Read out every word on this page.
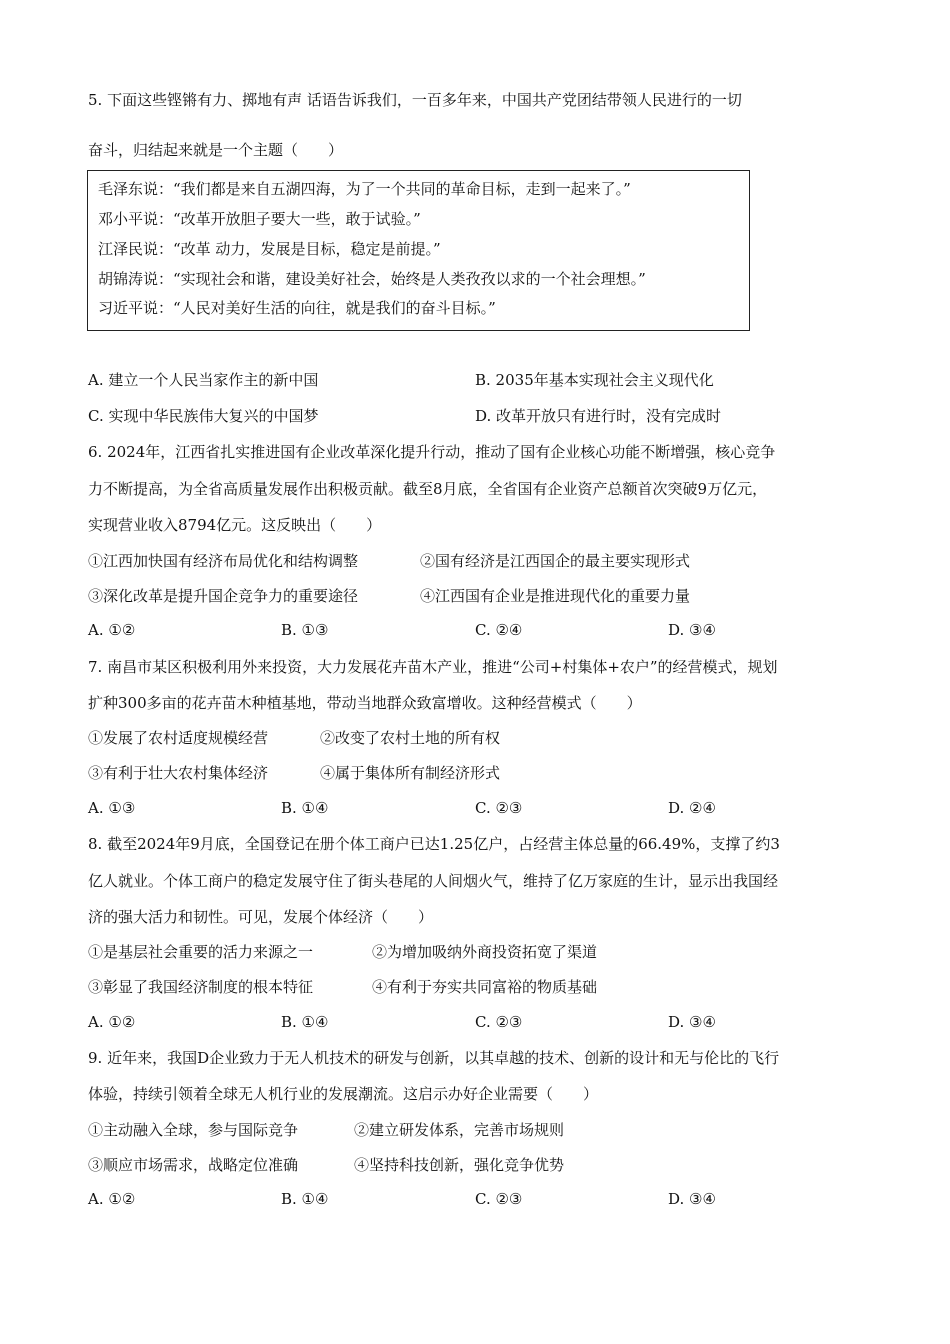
5. 下面这些铿锵有力、掷地有声 话语告诉我们，一百多年来，中国共产党团结带领人民进行的一切
奋斗，归结起来就是一个主题（　　）
毛泽东说：“我们都是来自五湖四海，为了一个共同的革命目标，走到一起来了。”
邓小平说：“改革开放胆子要大一些，敢于试验。”
江泽民说：“改革 动力，发展是目标，稳定是前提。”
胡锦涛说：“实现社会和谐，建设美好社会，始终是人类孜孜以求的一个社会理想。”
习近平说：“人民对美好生活的向往，就是我们的奋斗目标。”
A. 建立一个人民当家作主的新中国	B. 2035年基本实现社会主义现代化
C. 实现中华民族伟大复兴的中国梦	D. 改革开放只有进行时，没有完成时
6. 2024年，江西省扎实推进国有企业改革深化提升行动，推动了国有企业核心功能不断增强，核心竞争
力不断提高，为全省高质量发展作出积极贡献。截至8月底，全省国有企业资产总额首次突破9万亿元，
实现营业收入8794亿元。这反映出（　　）
①江西加快国有经济布局优化和结构调整	②国有经济是江西国企的最主要实现形式
③深化改革是提升国企竞争力的重要途径	④江西国有企业是推进现代化的重要力量
A. ①②	B. ①③	C. ②④	D. ③④
7. 南昌市某区积极利用外来投资，大力发展花卉苗木产业，推进“公司+村集体+农户”的经营模式，规划
扩种300多亩的花卉苗木种植基地，带动当地群众致富增收。这种经营模式（　　）
①发展了农村适度规模经营	②改变了农村土地的所有权
③有利于壮大农村集体经济	④属于集体所有制经济形式
A. ①③	B. ①④	C. ②③	D. ②④
8. 截至2024年9月底，全国登记在册个体工商户已达1.25亿户，占经营主体总量的66.49%，支撑了约3
亿人就业。个体工商户的稳定发展守住了街头巷尾的人间烟火气，维持了亿万家庭的生计，显示出我国经
济的强大活力和韧性。可见，发展个体经济（　　）
①是基层社会重要的活力来源之一	②为增加吸纳外商投资拓宽了渠道
③彰显了我国经济制度的根本特征	④有利于夯实共同富裕的物质基础
A. ①②	B. ①④	C. ②③	D. ③④
9. 近年来，我国D企业致力于无人机技术的研发与创新，以其卓越的技术、创新的设计和无与伦比的飞行
体验，持续引领着全球无人机行业的发展潮流。这启示办好企业需要（　　）
①主动融入全球，参与国际竞争	②建立研发体系，完善市场规则
③顺应市场需求，战略定位准确	④坚持科技创新，强化竞争优势
A. ①②	B. ①④	C. ②③	D. ③④
